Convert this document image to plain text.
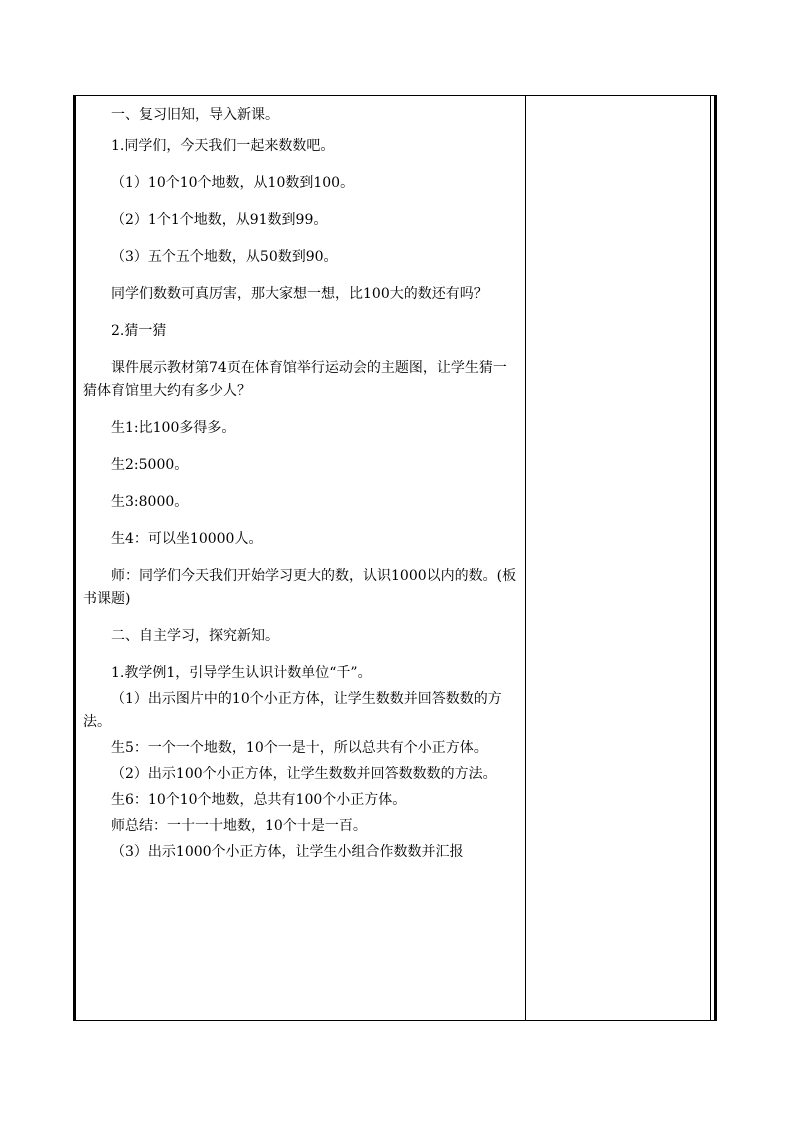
一、复习旧知，导入新课。

1.同学们，今天我们一起来数数吧。

（1）10个10个地数，从10数到100。

（2）1个1个地数，从91数到99。

（3）五个五个地数，从50数到90。

同学们数数可真厉害，那大家想一想，比100大的数还有吗？

2.猜一猜

课件展示教材第74页在体育馆举行运动会的主题图，让学生猜一猜体育馆里大约有多少人？

生1:比100多得多。

生2:5000。

生3:8000。

生4：可以坐10000人。

师：同学们今天我们开始学习更大的数，认识1000以内的数。(板书课题)

二、自主学习，探究新知。

1.教学例1，引导学生认识计数单位“千”。

（1）出示图片中的10个小正方体，让学生数数并回答数数的方法。

生5：一个一个地数，10个一是十，所以总共有个小正方体。

（2）出示100个小正方体，让学生数数并回答数数数的方法。

生6：10个10个地数，总共有100个小正方体。

师总结：一十一十地数，10个十是一百。

（3）出示1000个小正方体，让学生小组合作数数并汇报
